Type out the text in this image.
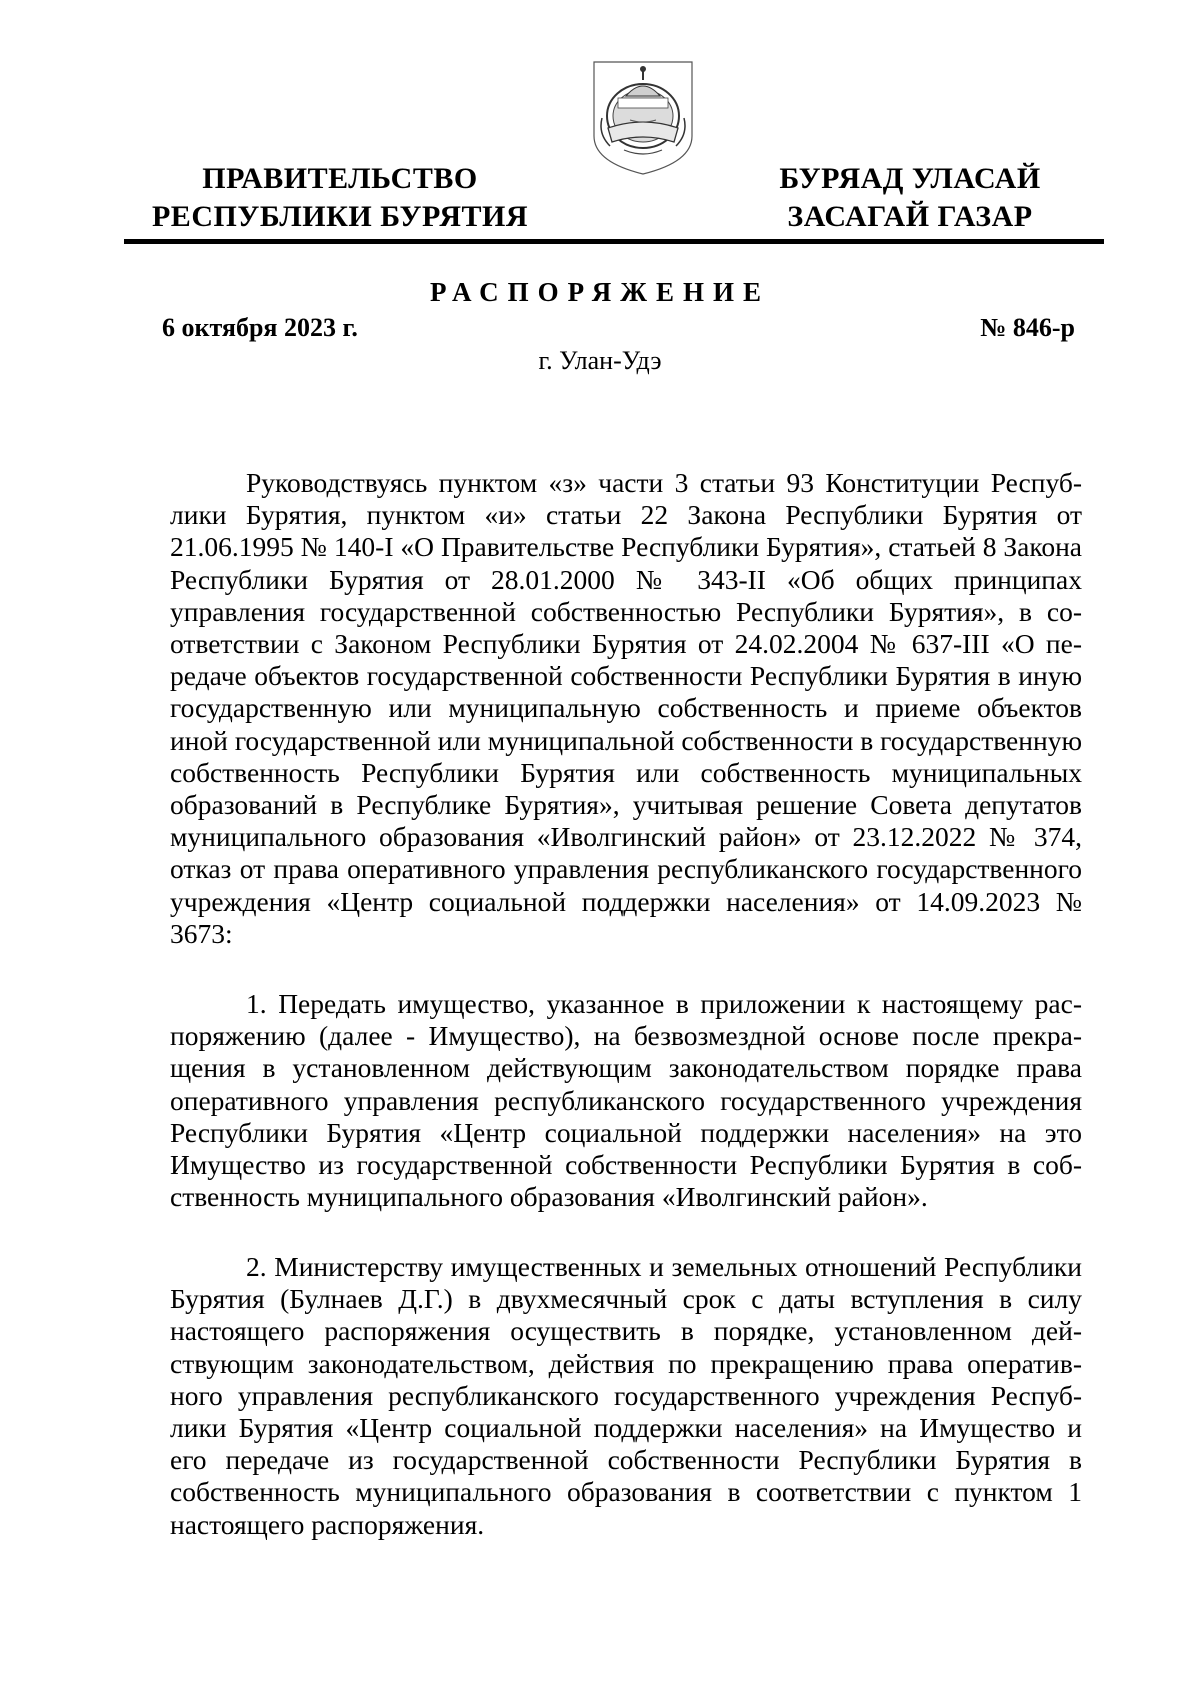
ПРАВИТЕЛЬСТВО
РЕСПУБЛИКИ БУРЯТИЯ
БУРЯАД УЛАСАЙ
ЗАСАГАЙ ГАЗАР
РАСПОРЯЖЕНИЕ
6 октября 2023 г.	№ 846-р
г. Улан-Удэ

Руководствуясь пунктом «з» части 3 статьи 93 Конституции Республики Бурятия, пунктом «и» статьи 22 Закона Республики Бурятия от 21.06.1995 № 140-I «О Правительстве Республики Бурятия», статьей 8 Закона Республики Бурятия от 28.01.2000 № 343-II «Об общих принципах управления государственной собственностью Республики Бурятия», в соответствии с Законом Республики Бурятия от 24.02.2004 № 637-III «О передаче объектов государственной собственности Республики Бурятия в иную государственную или муниципальную собственность и приеме объектов иной государственной или муниципальной собственности в государственную собственность Республики Бурятия или собственность муниципальных образований в Республике Бурятия», учитывая решение Совета депутатов муниципального образования «Иволгинский район» от 23.12.2022 № 374, отказ от права оперативного управления республиканского государственного учреждения «Центр социальной поддержки населения» от 14.09.2023 № 3673:

1. Передать имущество, указанное в приложении к настоящему распоряжению (далее - Имущество), на безвозмездной основе после прекращения в установленном действующим законодательством порядке права оперативного управления республиканского государственного учреждения Республики Бурятия «Центр социальной поддержки населения» на это Имущество из государственной собственности Республики Бурятия в собственность муниципального образования «Иволгинский район».

2. Министерству имущественных и земельных отношений Республики Бурятия (Булнаев Д.Г.) в двухмесячный срок с даты вступления в силу настоящего распоряжения осуществить в порядке, установленном действующим законодательством, действия по прекращению права оперативного управления республиканского государственного учреждения Республики Бурятия «Центр социальной поддержки населения» на Имущество и его передаче из государственной собственности Республики Бурятия в собственность муниципального образования в соответствии с пунктом 1 настоящего распоряжения.
